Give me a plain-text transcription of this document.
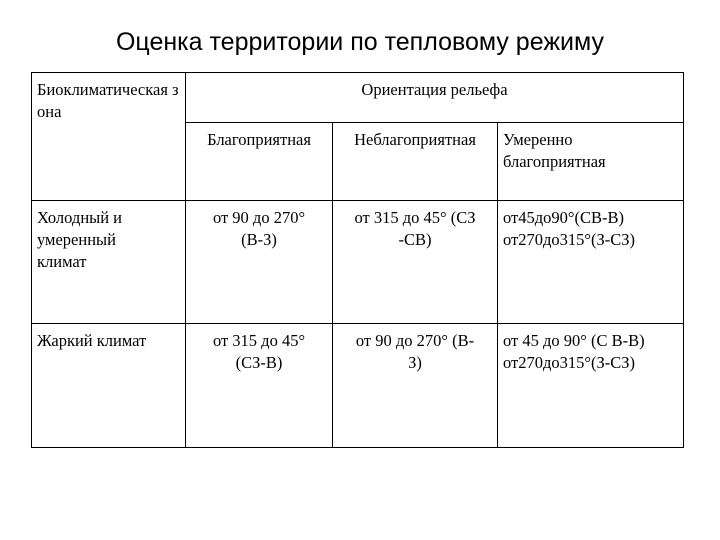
Оценка территории по тепловому режиму
Биоклиматическая зона	Ориентация рельефа		
	Благоприятная	Неблагоприятная	Умеренно благоприятная
Холодный и умеренный климат	от 90 до 270° (В-З)	от 315 до 45° (СЗ -СВ)	от45до90°(СВ-В) от270до315°(З-СЗ)
Жаркий климат	от 315 до 45° (СЗ-В)	от 90 до 270° (В-З)	от 45 до 90° (С В-В) от270до315°(З-СЗ)
